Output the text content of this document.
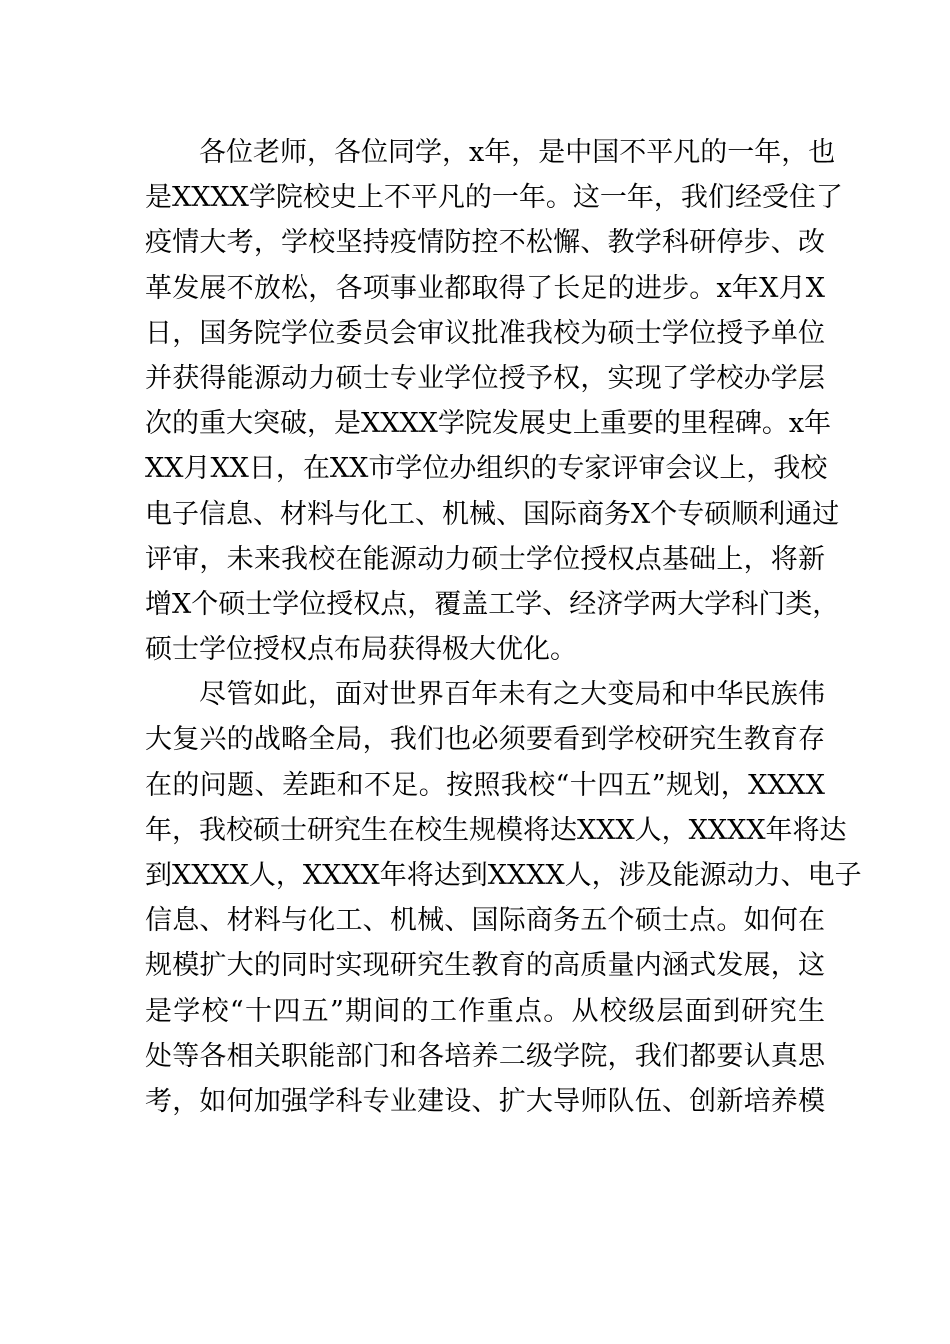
各位老师，各位同学，x年，是中国不平凡的一年，也
是XXXX学院校史上不平凡的一年。这一年，我们经受住了
疫情大考，学校坚持疫情防控不松懈、教学科研停步、改
革发展不放松，各项事业都取得了长足的进步。x年X月X
日，国务院学位委员会审议批准我校为硕士学位授予单位
并获得能源动力硕士专业学位授予权，实现了学校办学层
次的重大突破，是XXXX学院发展史上重要的里程碑。x年
XX月XX日，在XX市学位办组织的专家评审会议上，我校
电子信息、材料与化工、机械、国际商务X个专硕顺利通过
评审，未来我校在能源动力硕士学位授权点基础上，将新
增X个硕士学位授权点，覆盖工学、经济学两大学科门类，
硕士学位授权点布局获得极大优化。
尽管如此，面对世界百年未有之大变局和中华民族伟
大复兴的战略全局，我们也必须要看到学校研究生教育存
在的问题、差距和不足。按照我校“十四五”规划，XXXX
年，我校硕士研究生在校生规模将达XXX人，XXXX年将达
到XXXX人，XXXX年将达到XXXX人，涉及能源动力、电子
信息、材料与化工、机械、国际商务五个硕士点。如何在
规模扩大的同时实现研究生教育的高质量内涵式发展，这
是学校“十四五”期间的工作重点。从校级层面到研究生
处等各相关职能部门和各培养二级学院，我们都要认真思
考，如何加强学科专业建设、扩大导师队伍、创新培养模
